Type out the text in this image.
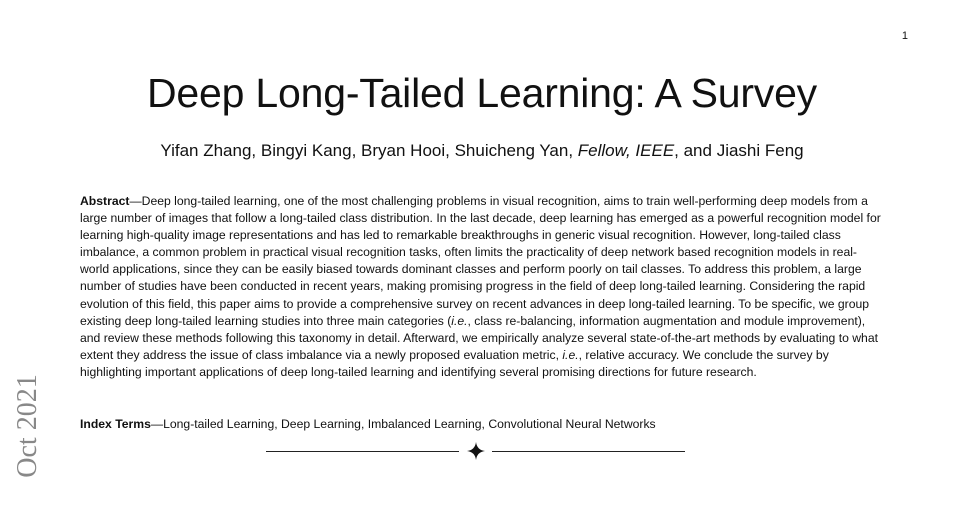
1
Deep Long-Tailed Learning: A Survey
Yifan Zhang, Bingyi Kang, Bryan Hooi, Shuicheng Yan, Fellow, IEEE, and Jiashi Feng
Abstract—Deep long-tailed learning, one of the most challenging problems in visual recognition, aims to train well-performing deep models from a large number of images that follow a long-tailed class distribution. In the last decade, deep learning has emerged as a powerful recognition model for learning high-quality image representations and has led to remarkable breakthroughs in generic visual recognition. However, long-tailed class imbalance, a common problem in practical visual recognition tasks, often limits the practicality of deep network based recognition models in real-world applications, since they can be easily biased towards dominant classes and perform poorly on tail classes. To address this problem, a large number of studies have been conducted in recent years, making promising progress in the field of deep long-tailed learning. Considering the rapid evolution of this field, this paper aims to provide a comprehensive survey on recent advances in deep long-tailed learning. To be specific, we group existing deep long-tailed learning studies into three main categories (i.e., class re-balancing, information augmentation and module improvement), and review these methods following this taxonomy in detail. Afterward, we empirically analyze several state-of-the-art methods by evaluating to what extent they address the issue of class imbalance via a newly proposed evaluation metric, i.e., relative accuracy. We conclude the survey by highlighting important applications of deep long-tailed learning and identifying several promising directions for future research.
Index Terms—Long-tailed Learning, Deep Learning, Imbalanced Learning, Convolutional Neural Networks
Oct 2021
